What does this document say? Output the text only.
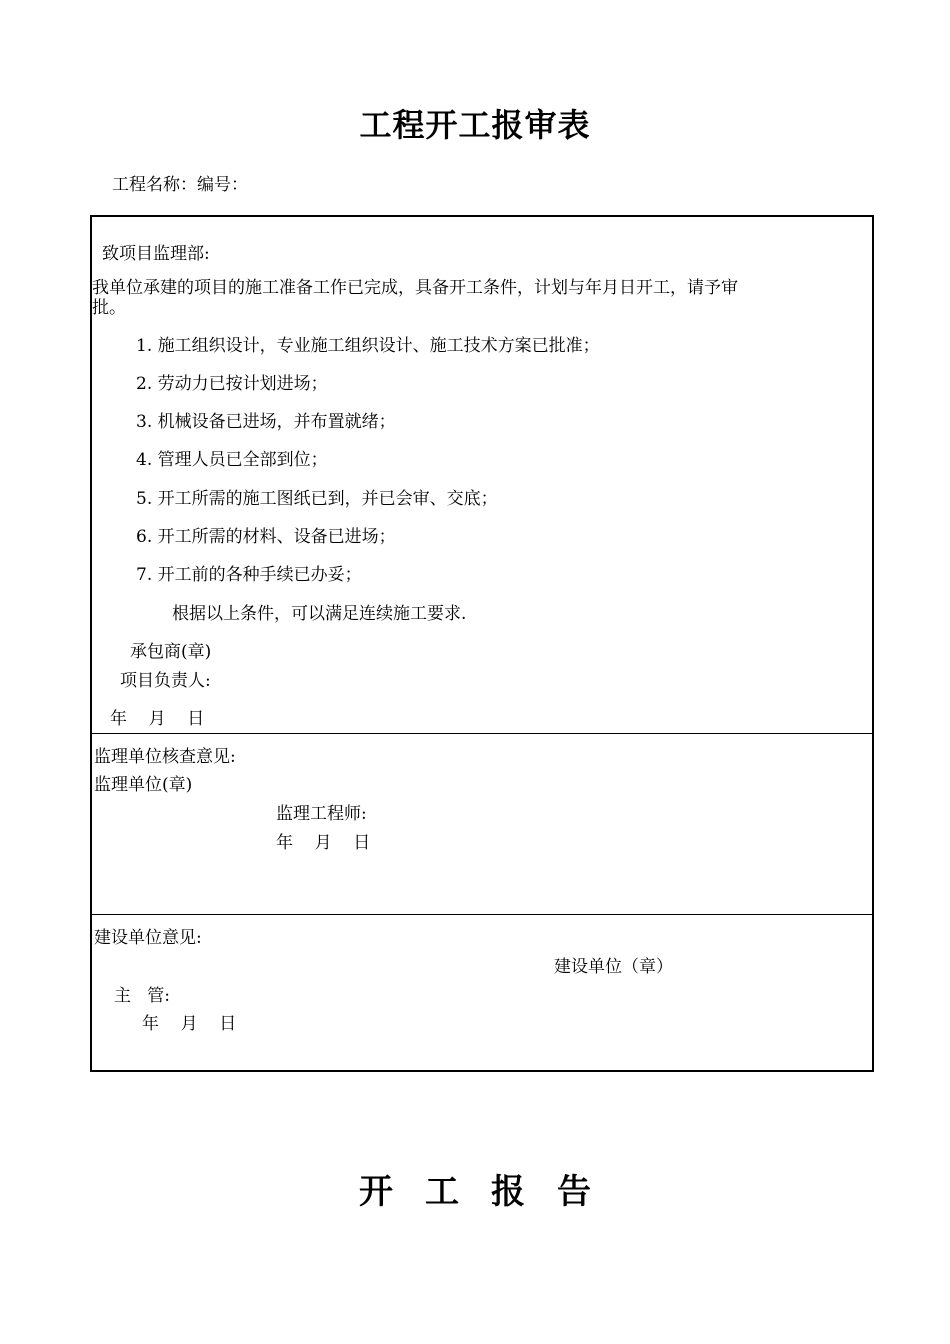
工程开工报审表
工程名称：编号：
致项目监理部:
我单位承建的项目的施工准备工作已完成，具备开工条件，计划与年月日开工，请予审
批。
1. 施工组织设计，专业施工组织设计、施工技术方案已批准；
2. 劳动力已按计划进场；
3. 机械设备已进场，并布置就绪；
4. 管理人员已全部到位；
5. 开工所需的施工图纸已到，并已会审、交底；
6. 开工所需的材料、设备已进场；
7. 开工前的各种手续已办妥；
根据以上条件，可以满足连续施工要求.
承包商(章)
项目负责人:
年    月    日
监理单位核查意见:
监理单位(章)
监理工程师:
年    月    日
建设单位意见:
建设单位（章）
主   管:
年    月    日
开 工 报 告
